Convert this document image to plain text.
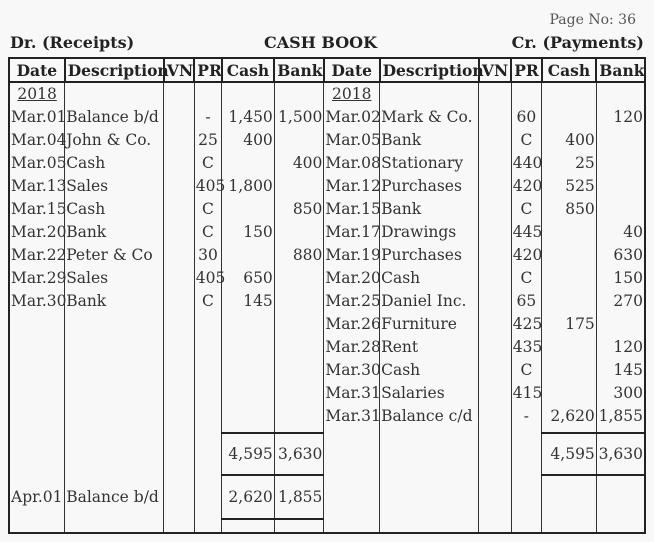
Page No: 36
Dr. (Receipts)	CASH BOOK	Cr. (Payments)
Date	Description	VN	PR	Cash	Bank	Date	Description	VN	PR	Cash	Bank
2018						2018					
Mar.01	Balance b/d		-	1,450	1,500	Mar.02	Mark & Co.		60		120
Mar.04	John & Co.		25	400		Mar.05	Bank		C	400	
Mar.05	Cash		C		400	Mar.08	Stationary		440	25	
Mar.13	Sales		405	1,800		Mar.12	Purchases		420	525	
Mar.15	Cash		C		850	Mar.15	Bank		C	850	
Mar.20	Bank		C	150		Mar.17	Drawings		445		40
Mar.22	Peter & Co		30		880	Mar.19	Purchases		420		630
Mar.29	Sales		405	650		Mar.20	Cash		C		150
Mar.30	Bank		C	145		Mar.25	Daniel Inc.		65		270
						Mar.26	Furniture		425	175	
						Mar.28	Rent		435		120
						Mar.30	Cash		C		145
						Mar.31	Salaries		415		300
						Mar.31	Balance c/d		-	2,620	1,855

				4,595	3,630					4,595	3,630
Apr.01	Balance b/d			2,620	1,855						
